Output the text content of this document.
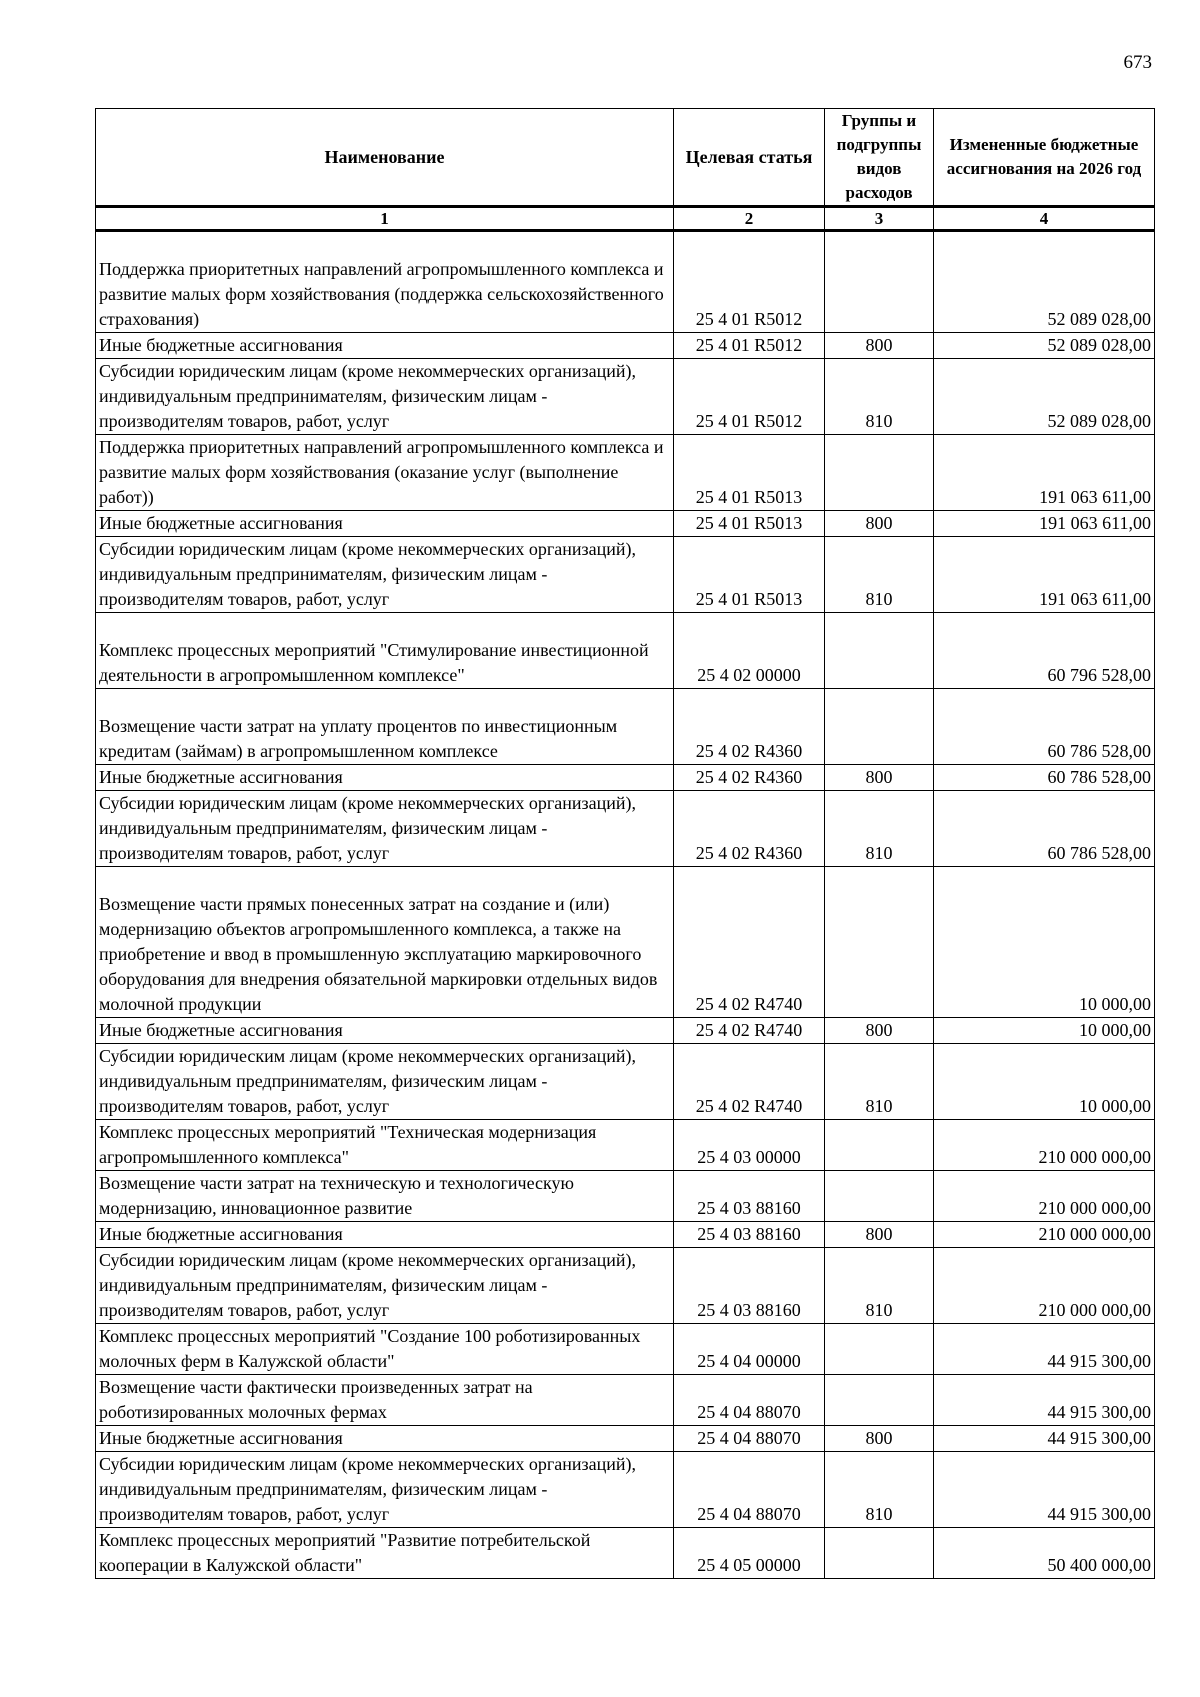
673
Наименование	Целевая статья	Группы и подгруппы видов расходов	Измененные бюджетные ассигнования на 2026 год
1	2	3	4
Поддержка приоритетных направлений агропромышленного комплекса и развитие малых форм хозяйствования (поддержка сельскохозяйственного страхования)	25 4 01 R5012		52 089 028,00
Иные бюджетные ассигнования	25 4 01 R5012	800	52 089 028,00
Субсидии юридическим лицам (кроме некоммерческих организаций), индивидуальным предпринимателям, физическим лицам - производителям товаров, работ, услуг	25 4 01 R5012	810	52 089 028,00
Поддержка приоритетных направлений агропромышленного комплекса и развитие малых форм хозяйствования (оказание услуг (выполнение работ))	25 4 01 R5013		191 063 611,00
Иные бюджетные ассигнования	25 4 01 R5013	800	191 063 611,00
Субсидии юридическим лицам (кроме некоммерческих организаций), индивидуальным предпринимателям, физическим лицам - производителям товаров, работ, услуг	25 4 01 R5013	810	191 063 611,00
Комплекс процессных мероприятий "Стимулирование инвестиционной деятельности в агропромышленном комплексе"	25 4 02 00000		60 796 528,00
Возмещение части затрат на уплату процентов по инвестиционным кредитам (займам) в агропромышленном комплексе	25 4 02 R4360		60 786 528,00
Иные бюджетные ассигнования	25 4 02 R4360	800	60 786 528,00
Субсидии юридическим лицам (кроме некоммерческих организаций), индивидуальным предпринимателям, физическим лицам - производителям товаров, работ, услуг	25 4 02 R4360	810	60 786 528,00
Возмещение части прямых понесенных затрат на создание и (или) модернизацию объектов агропромышленного комплекса, а также на приобретение и ввод в промышленную эксплуатацию маркировочного оборудования для внедрения обязательной маркировки отдельных видов молочной продукции	25 4 02 R4740		10 000,00
Иные бюджетные ассигнования	25 4 02 R4740	800	10 000,00
Субсидии юридическим лицам (кроме некоммерческих организаций), индивидуальным предпринимателям, физическим лицам - производителям товаров, работ, услуг	25 4 02 R4740	810	10 000,00
Комплекс процессных мероприятий "Техническая модернизация агропромышленного комплекса"	25 4 03 00000		210 000 000,00
Возмещение части затрат на техническую и технологическую модернизацию, инновационное развитие	25 4 03 88160		210 000 000,00
Иные бюджетные ассигнования	25 4 03 88160	800	210 000 000,00
Субсидии юридическим лицам (кроме некоммерческих организаций), индивидуальным предпринимателям, физическим лицам - производителям товаров, работ, услуг	25 4 03 88160	810	210 000 000,00
Комплекс процессных мероприятий "Создание 100 роботизированных молочных ферм в Калужской области"	25 4 04 00000		44 915 300,00
Возмещение части фактически произведенных затрат на роботизированных молочных фермах	25 4 04 88070		44 915 300,00
Иные бюджетные ассигнования	25 4 04 88070	800	44 915 300,00
Субсидии юридическим лицам (кроме некоммерческих организаций), индивидуальным предпринимателям, физическим лицам - производителям товаров, работ, услуг	25 4 04 88070	810	44 915 300,00
Комплекс процессных мероприятий "Развитие потребительской кооперации в Калужской области"	25 4 05 00000		50 400 000,00
